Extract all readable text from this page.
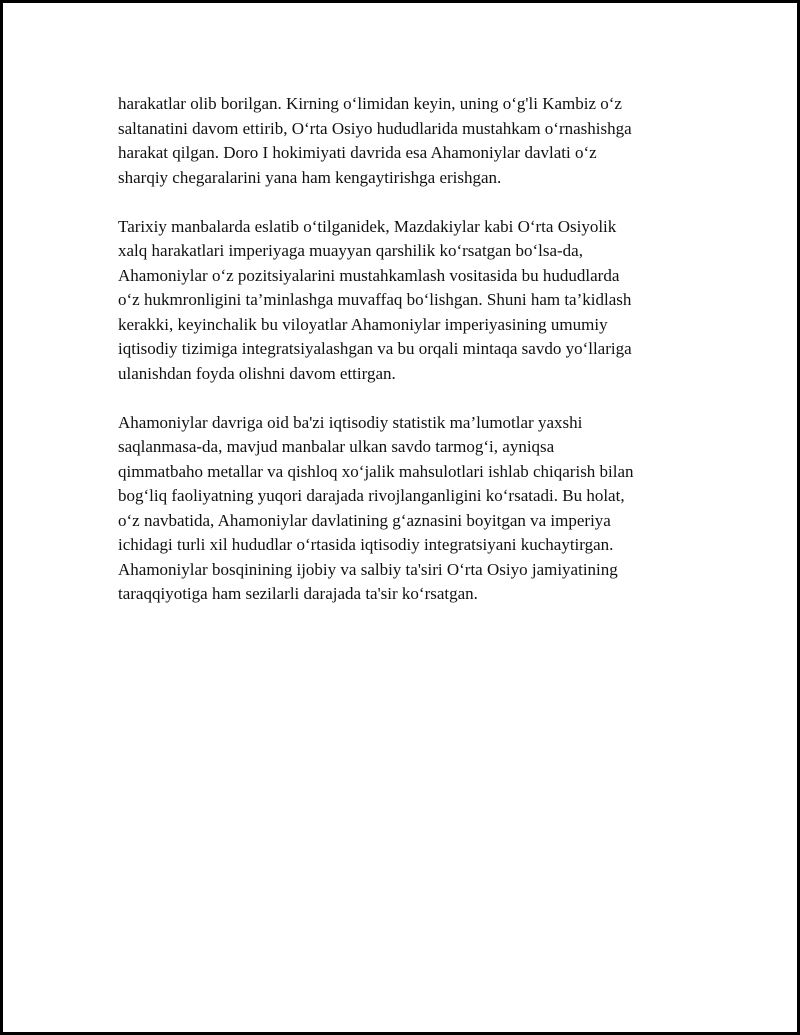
harakatlar olib borilgan. Kirning o‘limidan keyin, uning o‘g'li Kambiz o‘z
saltanatini davom ettirib, O‘rta Osiyo hududlarida mustahkam o‘rnashishga
harakat qilgan. Doro I hokimiyati davrida esa Ahamoniylar davlati o‘z
sharqiy chegaralarini yana ham kengaytirishga erishgan.

Tarixiy manbalarda eslatib o‘tilganidek, Mazdakiylar kabi O‘rta Osiyolik
xalq harakatlari imperiyaga muayyan qarshilik ko‘rsatgan bo‘lsa-da,
Ahamoniylar o‘z pozitsiyalarini mustahkamlash vositasida bu hududlarda
o‘z hukmronligini ta’minlashga muvaffaq bo‘lishgan. Shuni ham ta’kidlash
kerakki, keyinchalik bu viloyatlar Ahamoniylar imperiyasining umumiy
iqtisodiy tizimiga integratsiyalashgan va bu orqali mintaqa savdo yo‘llariga
ulanishdan foyda olishni davom ettirgan.

Ahamoniylar davriga oid ba'zi iqtisodiy statistik ma’lumotlar yaxshi
saqlanmasa-da, mavjud manbalar ulkan savdo tarmog‘i, ayniqsa
qimmatbaho metallar va qishloq xo‘jalik mahsulotlari ishlab chiqarish bilan
bog‘liq faoliyatning yuqori darajada rivojlanganligini ko‘rsatadi. Bu holat,
o‘z navbatida, Ahamoniylar davlatining g‘aznasini boyitgan va imperiya
ichidagi turli xil hududlar o‘rtasida iqtisodiy integratsiyani kuchaytirgan.
Ahamoniylar bosqinining ijobiy va salbiy ta'siri O‘rta Osiyo jamiyatining
taraqqiyotiga ham sezilarli darajada ta'sir ko‘rsatgan.
